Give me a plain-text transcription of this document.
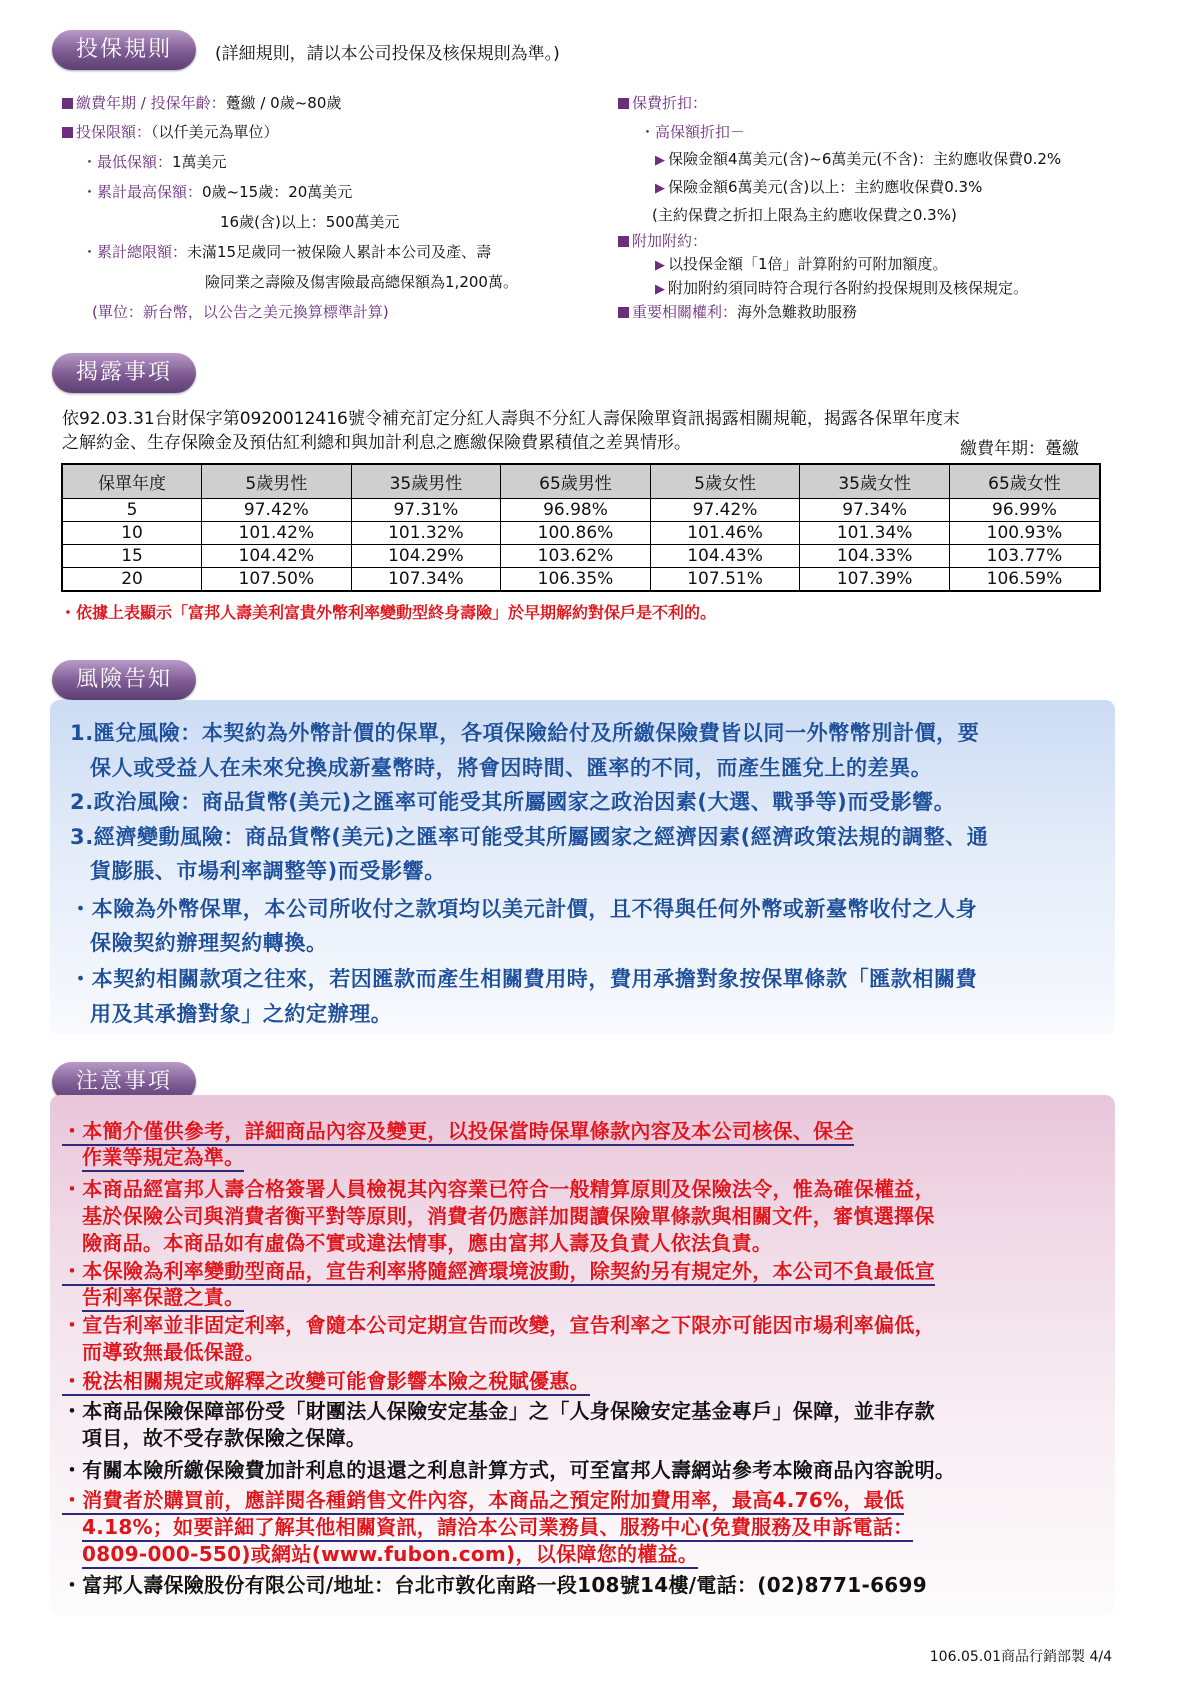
投保規則	(詳細規則，請以本公司投保及核保規則為準。)
繳費年期 / 投保年齡：躉繳 / 0歲~80歲
投保限額：（以仟美元為單位）
・最低保額：1萬美元
・累計最高保額：0歲~15歲：20萬美元
16歲(含)以上：500萬美元
・累計總限額：未滿15足歲同一被保險人累計本公司及產、壽
險同業之壽險及傷害險最高總保額為1,200萬。
(單位：新台幣，以公告之美元換算標準計算)
保費折扣：
・高保額折扣－
▶ 保險金額4萬美元(含)~6萬美元(不含)：主約應收保費0.2%
▶ 保險金額6萬美元(含)以上：主約應收保費0.3%
(主約保費之折扣上限為主約應收保費之0.3%)
附加附約：
▶ 以投保金額「1倍」計算附約可附加額度。
▶ 附加附約須同時符合現行各附約投保規則及核保規定。
重要相關權利：海外急難救助服務
揭露事項
依92.03.31台財保字第0920012416號令補充訂定分紅人壽與不分紅人壽保險單資訊揭露相關規範，揭露各保單年度末
之解約金、生存保險金及預估紅利總和與加計利息之應繳保險費累積值之差異情形。	繳費年期：躉繳
保單年度	5歲男性	35歲男性	65歲男性	5歲女性	35歲女性	65歲女性
5	97.42%	97.31%	96.98%	97.42%	97.34%	96.99%
10	101.42%	101.32%	100.86%	101.46%	101.34%	100.93%
15	104.42%	104.29%	103.62%	104.43%	104.33%	103.77%
20	107.50%	107.34%	106.35%	107.51%	107.39%	106.59%
・依據上表顯示「富邦人壽美利富貴外幣利率變動型終身壽險」於早期解約對保戶是不利的。
風險告知
1.匯兌風險：本契約為外幣計價的保單，各項保險給付及所繳保險費皆以同一外幣幣別計價，要
保人或受益人在未來兌換成新臺幣時，將會因時間、匯率的不同，而產生匯兌上的差異。
2.政治風險：商品貨幣(美元)之匯率可能受其所屬國家之政治因素(大選、戰爭等)而受影響。
3.經濟變動風險：商品貨幣(美元)之匯率可能受其所屬國家之經濟因素(經濟政策法規的調整、通
貨膨脹、市場利率調整等)而受影響。
・本險為外幣保單，本公司所收付之款項均以美元計價，且不得與任何外幣或新臺幣收付之人身
保險契約辦理契約轉換。
・本契約相關款項之往來，若因匯款而產生相關費用時，費用承擔對象按保單條款「匯款相關費
用及其承擔對象」之約定辦理。
注意事項
・本簡介僅供參考，詳細商品內容及變更，以投保當時保單條款內容及本公司核保、保全
作業等規定為準。
・本商品經富邦人壽合格簽署人員檢視其內容業已符合一般精算原則及保險法令，惟為確保權益，
基於保險公司與消費者衡平對等原則，消費者仍應詳加閱讀保險單條款與相關文件，審慎選擇保
險商品。本商品如有虛偽不實或違法情事，應由富邦人壽及負責人依法負責。
・本保險為利率變動型商品，宣告利率將隨經濟環境波動，除契約另有規定外，本公司不負最低宣
告利率保證之責。
・宣告利率並非固定利率，會隨本公司定期宣告而改變，宣告利率之下限亦可能因市場利率偏低，
而導致無最低保證。
・稅法相關規定或解釋之改變可能會影響本險之稅賦優惠。
・本商品保險保障部份受「財團法人保險安定基金」之「人身保險安定基金專戶」保障，並非存款
項目，故不受存款保險之保障。
・有關本險所繳保險費加計利息的退還之利息計算方式，可至富邦人壽網站參考本險商品內容說明。
・消費者於購買前，應詳閱各種銷售文件內容，本商品之預定附加費用率，最高4.76%，最低
4.18%；如要詳細了解其他相關資訊，請洽本公司業務員、服務中心(免費服務及申訴電話：
0809-000-550)或網站(www.fubon.com)，以保障您的權益。
・富邦人壽保險股份有限公司/地址：台北市敦化南路一段108號14樓/電話：(02)8771-6699
106.05.01商品行銷部製 4/4
